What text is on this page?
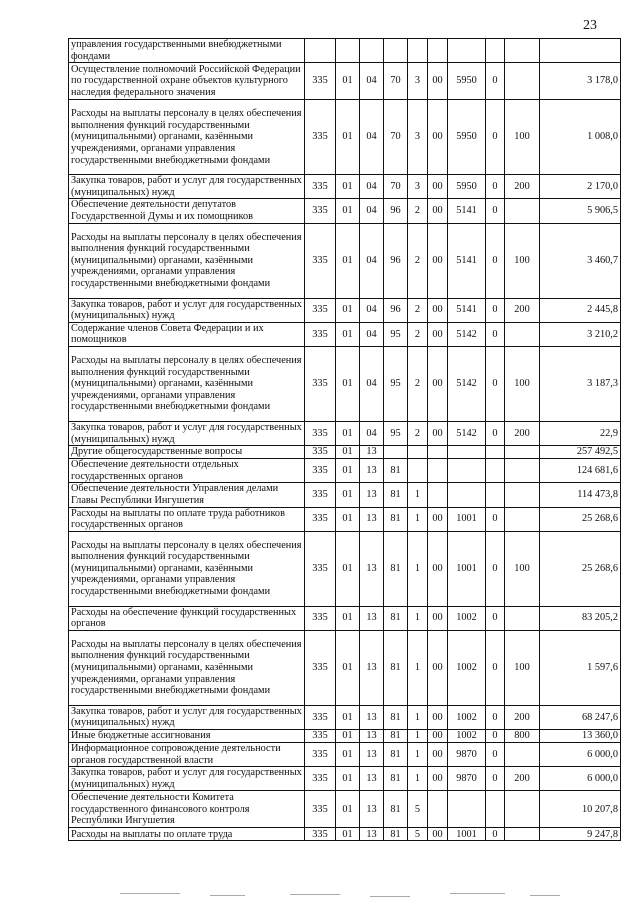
23
управления государственными внебюджетными фондами										
Осуществление полномочий Российской Федерации по государственной охране объектов культурного наследия федерального значения	335	01	04	70	3	00	5950	0		3 178,0
Расходы на выплаты персоналу в целях обеспечения выполнения функций государственными (муниципальными) органами, казёнными учреждениями, органами управления государственными внебюджетными фондами	335	01	04	70	3	00	5950	0	100	1 008,0
Закупка товаров, работ и услуг для государственных (муниципальных) нужд	335	01	04	70	3	00	5950	0	200	2 170,0
Обеспечение деятельности депутатов Государственной Думы и их помощников	335	01	04	96	2	00	5141	0		5 906,5
Расходы на выплаты персоналу в целях обеспечения выполнения функций государственными (муниципальными) органами, казёнными учреждениями, органами управления государственными внебюджетными фондами	335	01	04	96	2	00	5141	0	100	3 460,7
Закупка товаров, работ и услуг для государственных (муниципальных) нужд	335	01	04	96	2	00	5141	0	200	2 445,8
Содержание членов Совета Федерации и их помощников	335	01	04	95	2	00	5142	0		3 210,2
Расходы на выплаты персоналу в целях обеспечения выполнения функций государственными (муниципальными) органами, казёнными учреждениями, органами управления государственными внебюджетными фондами	335	01	04	95	2	00	5142	0	100	3 187,3
Закупка товаров, работ и услуг для государственных (муниципальных) нужд	335	01	04	95	2	00	5142	0	200	22,9
Другие общегосударственные вопросы	335	01	13							257 492,5
Обеспечение деятельности отдельных государственных органов	335	01	13	81						124 681,6
Обеспечение деятельности Управления делами Главы Республики Ингушетия	335	01	13	81	1					114 473,8
Расходы на выплаты по оплате труда работников государственных органов	335	01	13	81	1	00	1001	0		25 268,6
Расходы на выплаты персоналу в целях обеспечения выполнения функций государственными (муниципальными) органами, казёнными учреждениями, органами управления государственными внебюджетными фондами	335	01	13	81	1	00	1001	0	100	25 268,6
Расходы на обеспечение функций государственных органов	335	01	13	81	1	00	1002	0		83 205,2
Расходы на выплаты персоналу в целях обеспечения выполнения функций государственными (муниципальными) органами, казёнными учреждениями, органами управления государственными внебюджетными фондами	335	01	13	81	1	00	1002	0	100	1 597,6
Закупка товаров, работ и услуг для государственных (муниципальных) нужд	335	01	13	81	1	00	1002	0	200	68 247,6
Иные бюджетные ассигнования	335	01	13	81	1	00	1002	0	800	13 360,0
Информационное сопровождение деятельности органов государственной власти	335	01	13	81	1	00	9870	0		6 000,0
Закупка товаров, работ и услуг для государственных (муниципальных) нужд	335	01	13	81	1	00	9870	0	200	6 000,0
Обеспечение деятельности Комитета государственного финансового контроля Республики Ингушетия	335	01	13	81	5					10 207,8
Расходы на выплаты по оплате труда	335	01	13	81	5	00	1001	0		9 247,8
